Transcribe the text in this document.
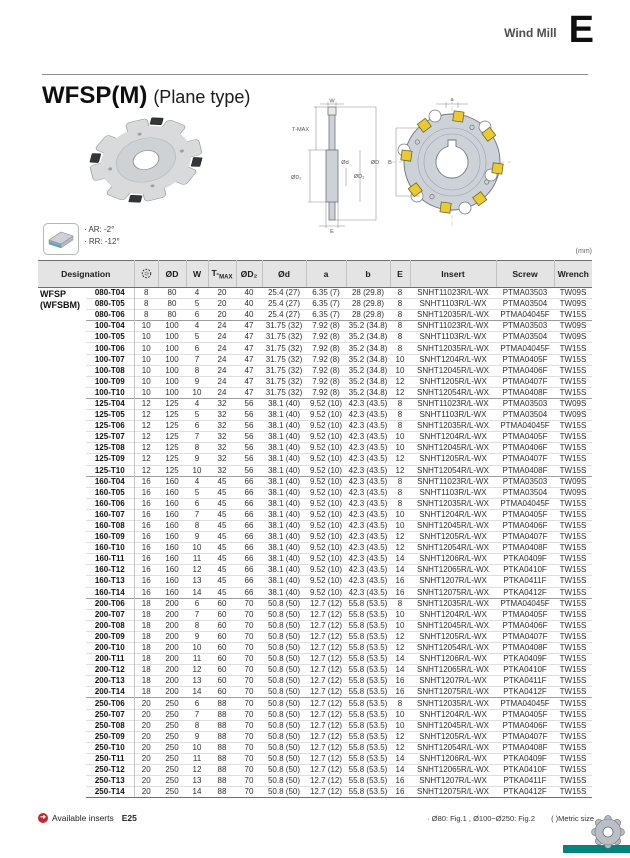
Wind Mill E
WFSP(M) (Plane type)	W
T-MAX
ØD₂
Ød
ØD₂
ØD
E
a
B
· AR: -2°
· RR: -12°
(mm)
Designation			ØD	W	$T-_{MAX}$	ØD₂	Ød	a	b	E	Insert	Screw	Wrench

WFSP
(WFSBM)	080-T04	8	80	4	20	40	25.4 (27)	6.35 (7)	28 (29.8)	8	SNHT11023R/L-WX	PTMA03503	TW09S
	080-T05	8	80	5	20	40	25.4 (27)	6.35 (7)	28 (29.8)	8	SNHT1103R/L-WX	PTMA03504	TW09S
	080-T06	8	80	6	20	40	25.4 (27)	6.35 (7)	28 (29.8)	8	SNHT12035R/L-WX	PTMA04045F	TW15S
	100-T04	10	100	4	24	47	31.75 (32)	7.92 (8)	35.2 (34.8)	8	SNHT11023R/L-WX	PTMA03503	TW09S
	100-T05	10	100	5	24	47	31.75 (32)	7.92 (8)	35.2 (34.8)	8	SNHT1103R/L-WX	PTMA03504	TW09S
	100-T06	10	100	6	24	47	31.75 (32)	7.92 (8)	35.2 (34.8)	8	SNHT12035R/L-WX	PTMA04045F	TW15S
	100-T07	10	100	7	24	47	31.75 (32)	7.92 (8)	35.2 (34.8)	10	SNHT1204R/L-WX	PTMA0405F	TW15S
	100-T08	10	100	8	24	47	31.75 (32)	7.92 (8)	35.2 (34.8)	10	SNHT12045R/L-WX	PTMA0406F	TW15S
	100-T09	10	100	9	24	47	31.75 (32)	7.92 (8)	35.2 (34.8)	12	SNHT1205R/L-WX	PTMA0407F	TW15S
	100-T10	10	100	10	24	47	31.75 (32)	7.92 (8)	35.2 (34.8)	12	SNHT12054R/L-WX	PTMA0408F	TW15S
	125-T04	12	125	4	32	56	38.1 (40)	9.52 (10)	42.3 (43.5)	8	SNHT11023R/L-WX	PTMA03503	TW09S
	125-T05	12	125	5	32	56	38.1 (40)	9.52 (10)	42.3 (43.5)	8	SNHT1103R/L-WX	PTMA03504	TW09S
	125-T06	12	125	6	32	56	38.1 (40)	9.52 (10)	42.3 (43.5)	8	SNHT12035R/L-WX	PTMA04045F	TW15S
	125-T07	12	125	7	32	56	38.1 (40)	9.52 (10)	42.3 (43.5)	10	SNHT1204R/L-WX	PTMA0405F	TW15S
	125-T08	12	125	8	32	56	38.1 (40)	9.52 (10)	42.3 (43.5)	10	SNHT12045R/L-WX	PTMA0406F	TW15S
	125-T09	12	125	9	32	56	38.1 (40)	9.52 (10)	42.3 (43.5)	12	SNHT1205R/L-WX	PTMA0407F	TW15S
	125-T10	12	125	10	32	56	38.1 (40)	9.52 (10)	42.3 (43.5)	12	SNHT12054R/L-WX	PTMA0408F	TW15S
	160-T04	16	160	4	45	66	38.1 (40)	9.52 (10)	42.3 (43.5)	8	SNHT11023R/L-WX	PTMA03503	TW09S
	160-T05	16	160	5	45	66	38.1 (40)	9.52 (10)	42.3 (43.5)	8	SNHT1103R/L-WX	PTMA03504	TW09S
	160-T06	16	160	6	45	66	38.1 (40)	9.52 (10)	42.3 (43.5)	8	SNHT12035R/L-WX	PTMA04045F	TW15S
	160-T07	16	160	7	45	66	38.1 (40)	9.52 (10)	42.3 (43.5)	10	SNHT1204R/L-WX	PTMA0405F	TW15S
	160-T08	16	160	8	45	66	38.1 (40)	9.52 (10)	42.3 (43.5)	10	SNHT12045R/L-WX	PTMA0406F	TW15S
	160-T09	16	160	9	45	66	38.1 (40)	9.52 (10)	42.3 (43.5)	12	SNHT1205R/L-WX	PTMA0407F	TW15S
	160-T10	16	160	10	45	66	38.1 (40)	9.52 (10)	42.3 (43.5)	12	SNHT12054R/L-WX	PTMA0408F	TW15S
	160-T11	16	160	11	45	66	38.1 (40)	9.52 (10)	42.3 (43.5)	14	SNHT1206R/L-WX	PTKA0409F	TW15S
	160-T12	16	160	12	45	66	38.1 (40)	9.52 (10)	42.3 (43.5)	14	SNHT12065R/L-WX	PTKA0410F	TW15S
	160-T13	16	160	13	45	66	38.1 (40)	9.52 (10)	42.3 (43.5)	16	SNHT1207R/L-WX	PTKA0411F	TW15S
	160-T14	16	160	14	45	66	38.1 (40)	9.52 (10)	42.3 (43.5)	16	SNHT12075R/L-WX	PTKA0412F	TW15S
	200-T06	18	200	6	60	70	50.8 (50)	12.7 (12)	55.8 (53.5)	8	SNHT12035R/L-WX	PTMA04045F	TW15S
	200-T07	18	200	7	60	70	50.8 (50)	12.7 (12)	55.8 (53.5)	10	SNHT1204R/L-WX	PTMA0405F	TW15S
	200-T08	18	200	8	60	70	50.8 (50)	12.7 (12)	55.8 (53.5)	10	SNHT12045R/L-WX	PTMA0406F	TW15S
	200-T09	18	200	9	60	70	50.8 (50)	12.7 (12)	55.8 (53.5)	12	SNHT1205R/L-WX	PTMA0407F	TW15S
	200-T10	18	200	10	60	70	50.8 (50)	12.7 (12)	55.8 (53.5)	12	SNHT12054R/L-WX	PTMA0408F	TW15S
	200-T11	18	200	11	60	70	50.8 (50)	12.7 (12)	55.8 (53.5)	14	SNHT1206R/L-WX	PTKA0409F	TW15S
	200-T12	18	200	12	60	70	50.8 (50)	12.7 (12)	55.8 (53.5)	14	SNHT12065R/L-WX	PTKA0410F	TW15S
	200-T13	18	200	13	60	70	50.8 (50)	12.7 (12)	55.8 (53.5)	16	SNHT1207R/L-WX	PTKA0411F	TW15S
	200-T14	18	200	14	60	70	50.8 (50)	12.7 (12)	55.8 (53.5)	16	SNHT12075R/L-WX	PTKA0412F	TW15S
	250-T06	20	250	6	88	70	50.8 (50)	12.7 (12)	55.8 (53.5)	8	SNHT12035R/L-WX	PTMA04045F	TW15S
	250-T07	20	250	7	88	70	50.8 (50)	12.7 (12)	55.8 (53.5)	10	SNHT1204R/L-WX	PTMA0405F	TW15S
	250-T08	20	250	8	88	70	50.8 (50)	12.7 (12)	55.8 (53.5)	10	SNHT12045R/L-WX	PTMA0406F	TW15S
	250-T09	20	250	9	88	70	50.8 (50)	12.7 (12)	55.8 (53.5)	12	SNHT1205R/L-WX	PTMA0407F	TW15S
	250-T10	20	250	10	88	70	50.8 (50)	12.7 (12)	55.8 (53.5)	12	SNHT12054R/L-WX	PTMA0408F	TW15S
	250-T11	20	250	11	88	70	50.8 (50)	12.7 (12)	55.8 (53.5)	14	SNHT1206R/L-WX	PTKA0409F	TW15S
	250-T12	20	250	12	88	70	50.8 (50)	12.7 (12)	55.8 (53.5)	14	SNHT12065R/L-WX	PTKA0410F	TW15S
	250-T13	20	250	13	88	70	50.8 (50)	12.7 (12)	55.8 (53.5)	16	SNHT1207R/L-WX	PTKA0411F	TW15S
	250-T14	20	250	14	88	70	50.8 (50)	12.7 (12)	55.8 (53.5)	16	SNHT12075R/L-WX	PTKA0412F	TW15S
➜ Available inserts E25	· Ø80: Fig.1 , Ø100~Ø250: Fig.2 ( )Metric size
